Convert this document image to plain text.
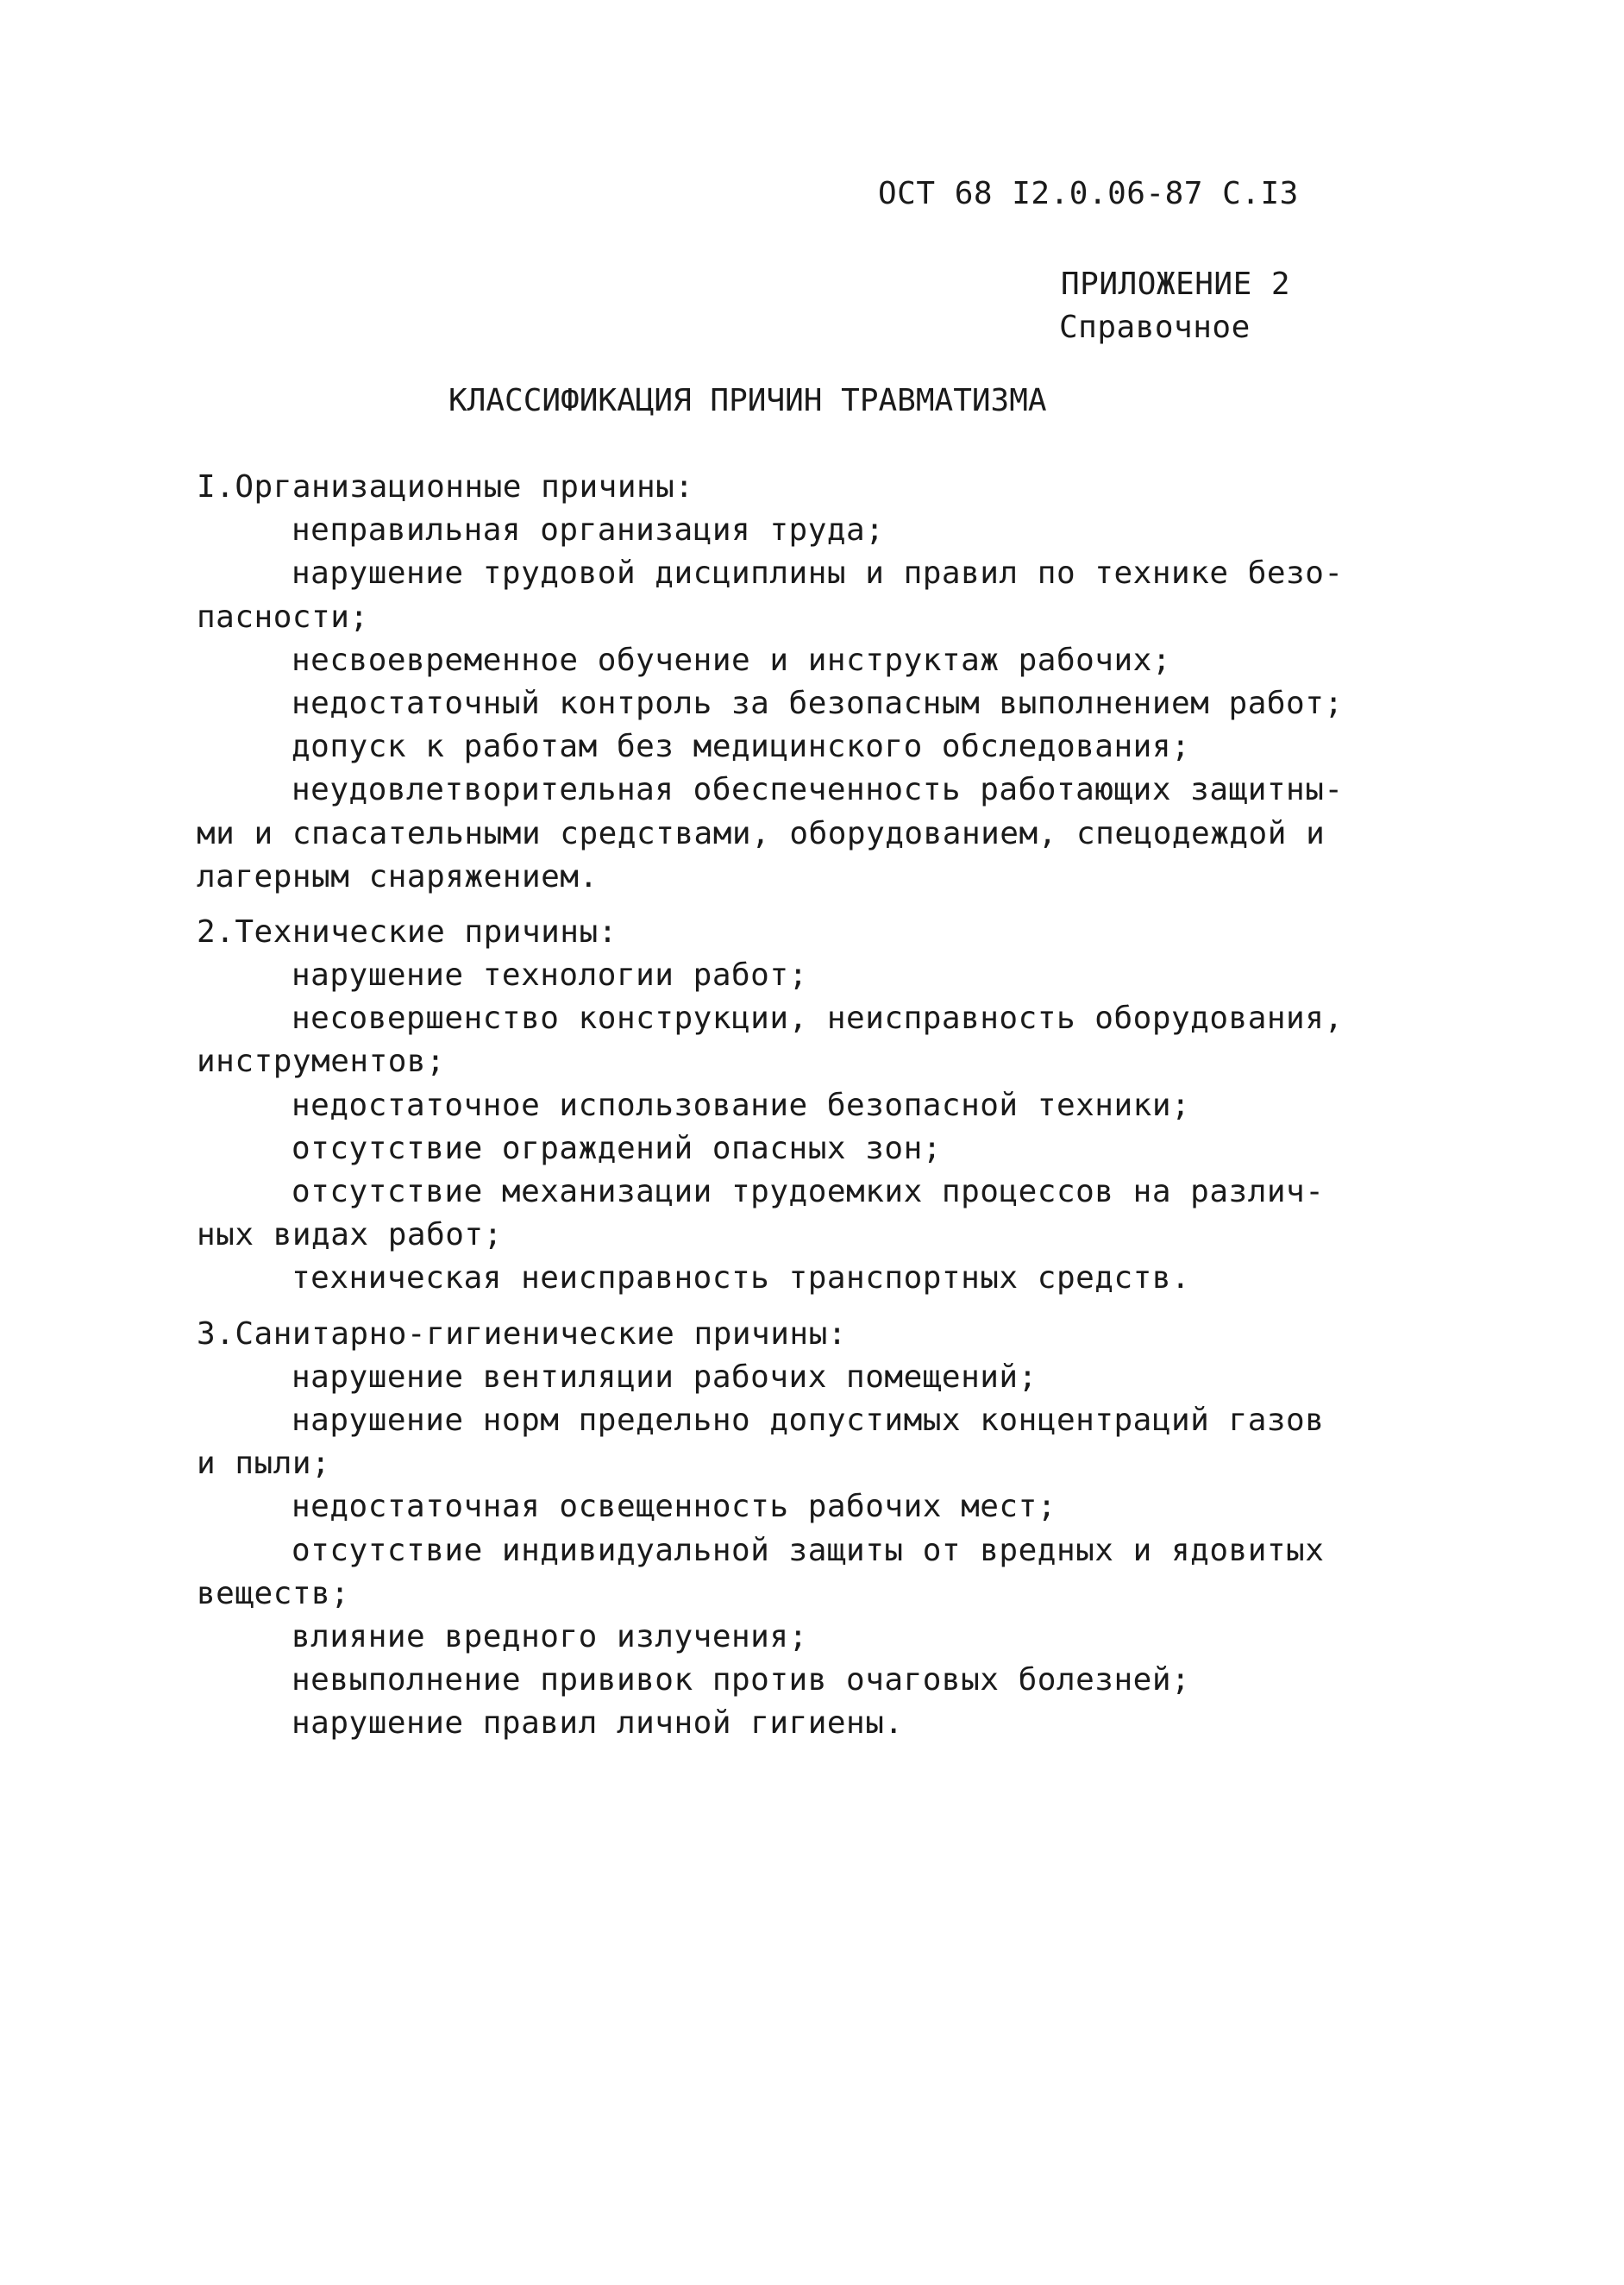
ОСТ 68 I2.0.06-87 С.I3
ПРИЛОЖЕНИЕ 2
Справочное
КЛАССИФИКАЦИЯ ПРИЧИН ТРАВМАТИЗМА
I.Организационные причины:
неправильная организация труда;
нарушение трудовой дисциплины и правил по технике безо-
пасности;
несвоевременное обучение и инструктаж рабочих;
недостаточный контроль за безопасным выполнением работ;
допуск к работам без медицинского обследования;
неудовлетворительная обеспеченность работающих защитны-
ми и спасательными средствами, оборудованием, спецодеждой и
лагерным снаряжением.
2.Технические причины:
нарушение технологии работ;
несовершенство конструкции, неисправность оборудования,
инструментов;
недостаточное использование безопасной техники;
отсутствие ограждений опасных зон;
отсутствие механизации трудоемких процессов на различ-
ных видах работ;
техническая неисправность транспортных средств.
3.Санитарно-гигиенические причины:
нарушение вентиляции рабочих помещений;
нарушение норм предельно допустимых концентраций газов
и пыли;
недостаточная освещенность рабочих мест;
отсутствие индивидуальной защиты от вредных и ядовитых
веществ;
влияние вредного излучения;
невыполнение прививок против очаговых болезней;
нарушение правил личной гигиены.
